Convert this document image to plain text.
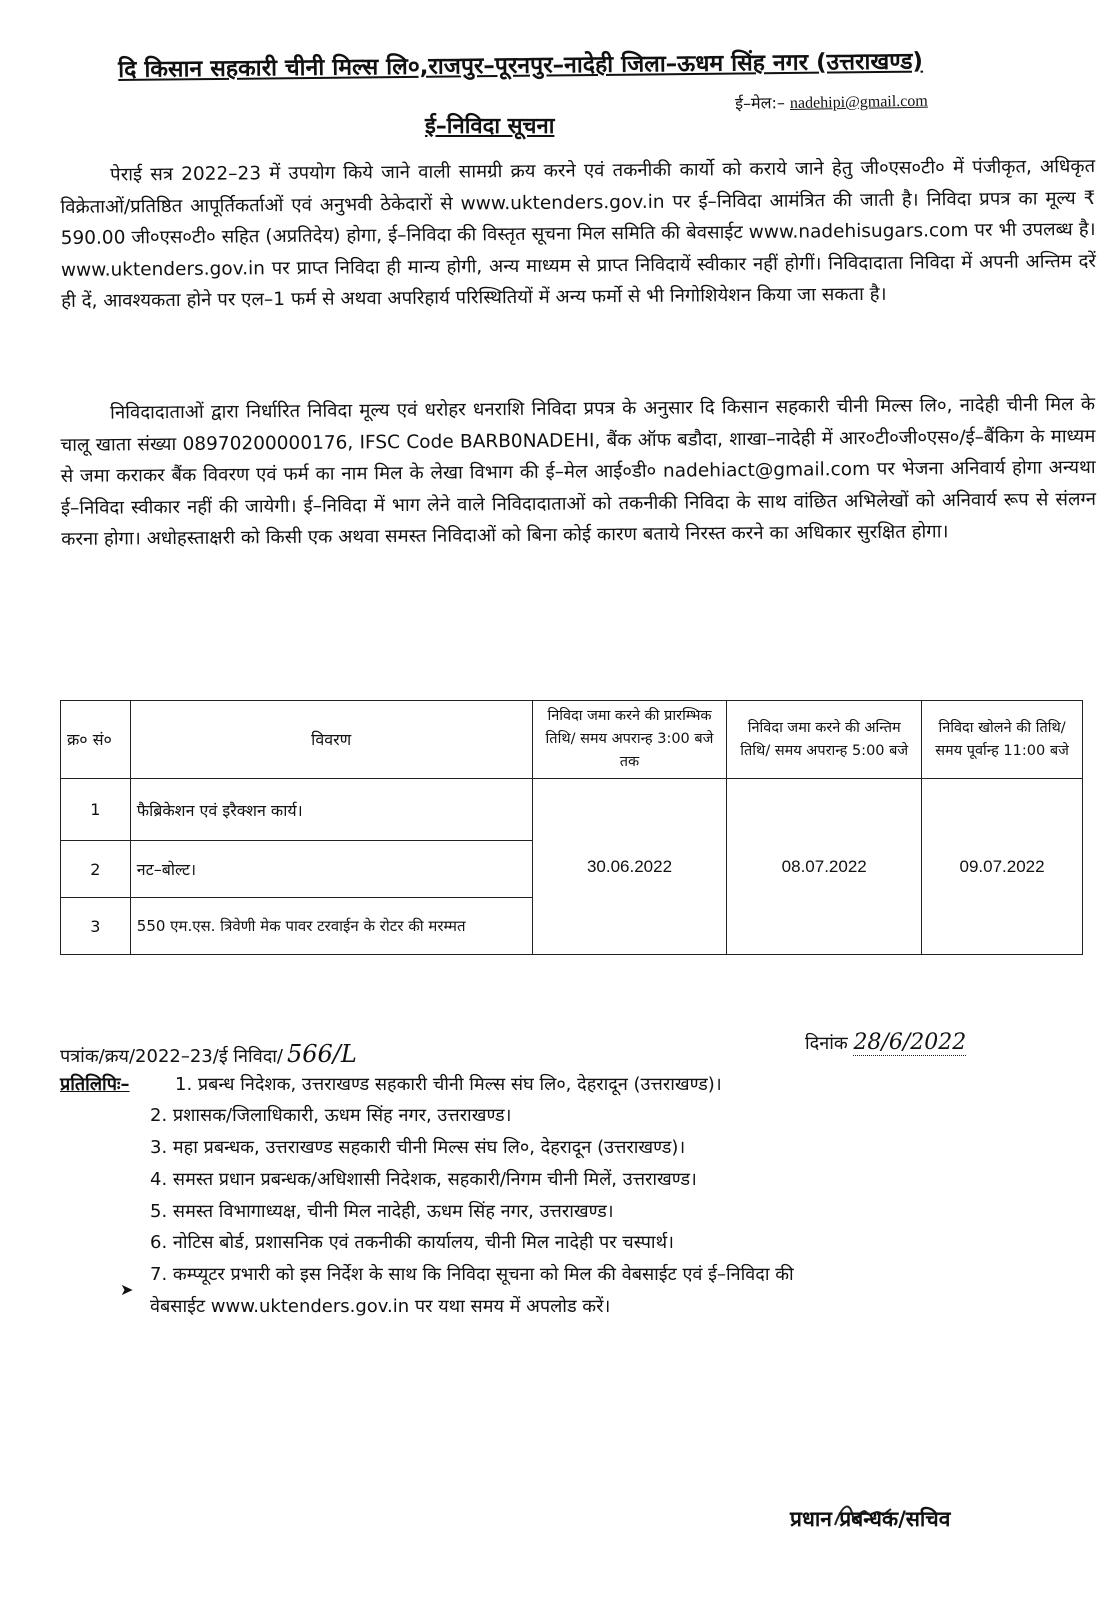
दि किसान सहकारी चीनी मिल्स लि०,राजपुर–पूरनपुर–नादेही जिला–ऊधम सिंह नगर (उत्तराखण्ड)
ई–मेल:– nadehipi@gmail.com
ई–निविदा सूचना
पेराई सत्र 2022–23 में उपयोग किये जाने वाली सामग्री क्रय करने एवं तकनीकी कार्यो को कराये जाने हेतु जी०एस०टी० में पंजीकृत, अधिकृत विक्रेताओं/प्रतिष्ठित आपूर्तिकर्ताओं एवं अनुभवी ठेकेदारों से www.uktenders.gov.in पर ई–निविदा आमंत्रित की जाती है। निविदा प्रपत्र का मूल्य ₹ 590.00 जी०एस०टी० सहित (अप्रतिदेय) होगा, ई–निविदा की विस्तृत सूचना मिल समिति की बेवसाईट www.nadehisugars.com पर भी उपलब्ध है। www.uktenders.gov.in पर प्राप्त निविदा ही मान्य होगी, अन्य माध्यम से प्राप्त निविदायें स्वीकार नहीं होगीं। निविदादाता निविदा में अपनी अन्तिम दरें ही दें, आवश्यकता होने पर एल–1 फर्म से अथवा अपरिहार्य परिस्थितियों में अन्य फर्मो से भी निगोशियेशन किया जा सकता है।
निविदादाताओं द्वारा निर्धारित निविदा मूल्य एवं धरोहर धनराशि निविदा प्रपत्र के अनुसार दि किसान सहकारी चीनी मिल्स लि०, नादेही चीनी मिल के चालू खाता संख्या 08970200000176, IFSC Code BARB0NADEHI, बैंक ऑफ बडौदा, शाखा–नादेही में आर०टी०जी०एस०/ई–बैंकिग के माध्यम से जमा कराकर बैंक विवरण एवं फर्म का नाम मिल के लेखा विभाग की ई–मेल आई०डी० nadehiact@gmail.com पर भेजना अनिवार्य होगा अन्यथा ई–निविदा स्वीकार नहीं की जायेगी। ई–निविदा में भाग लेने वाले निविदादाताओं को तकनीकी निविदा के साथ वांछित अभिलेखों को अनिवार्य रूप से संलग्न करना होगा। अधोहस्ताक्षरी को किसी एक अथवा समस्त निविदाओं को बिना कोई कारण बताये निरस्त करने का अधिकार सुरक्षित होगा।
क्र० सं०	विवरण	निविदा जमा करने की प्रारम्भिक तिथि/ समय अपरान्ह 3:00 बजे तक	निविदा जमा करने की अन्तिम तिथि/ समय अपरान्ह 5:00 बजे	निविदा खोलने की तिथि/समय पूर्वान्ह 11:00 बजे
1	फैब्रिकेशन एवं इरैक्शन कार्य।	30.06.2022	08.07.2022	09.07.2022
2	नट–बोल्ट।			
3	550 एम.एस. त्रिवेणी मेक पावर टरवाईन के रोटर की मरम्मत			
पत्रांक/क्रय/2022–23/ई निविदा/ 566/L	दिनांक 28/6/2022
प्रतिलिपिः–	1. प्रबन्ध निदेशक, उत्तराखण्ड सहकारी चीनी मिल्स संघ लि०, देहरादून (उत्तराखण्ड)।
2. प्रशासक/जिलाधिकारी, ऊधम सिंह नगर, उत्तराखण्ड।
3. महा प्रबन्धक, उत्तराखण्ड सहकारी चीनी मिल्स संघ लि०, देहरादून (उत्तराखण्ड)।
4. समस्त प्रधान प्रबन्धक/अधिशासी निदेशक, सहकारी/निगम चीनी मिलें, उत्तराखण्ड।
5. समस्त विभागाध्यक्ष, चीनी मिल नादेही, ऊधम सिंह नगर, उत्तराखण्ड।
6. नोटिस बोर्ड, प्रशासनिक एवं तकनीकी कार्यालय, चीनी मिल नादेही पर चस्पार्थ।
7. कम्प्यूटर प्रभारी को इस निर्देश के साथ कि निविदा सूचना को मिल की वेबसाईट एवं ई–निविदा की
वेबसाईट www.uktenders.gov.in पर यथा समय में अपलोड करें।
➤
प्रधान प्रबन्धक/सचिव
